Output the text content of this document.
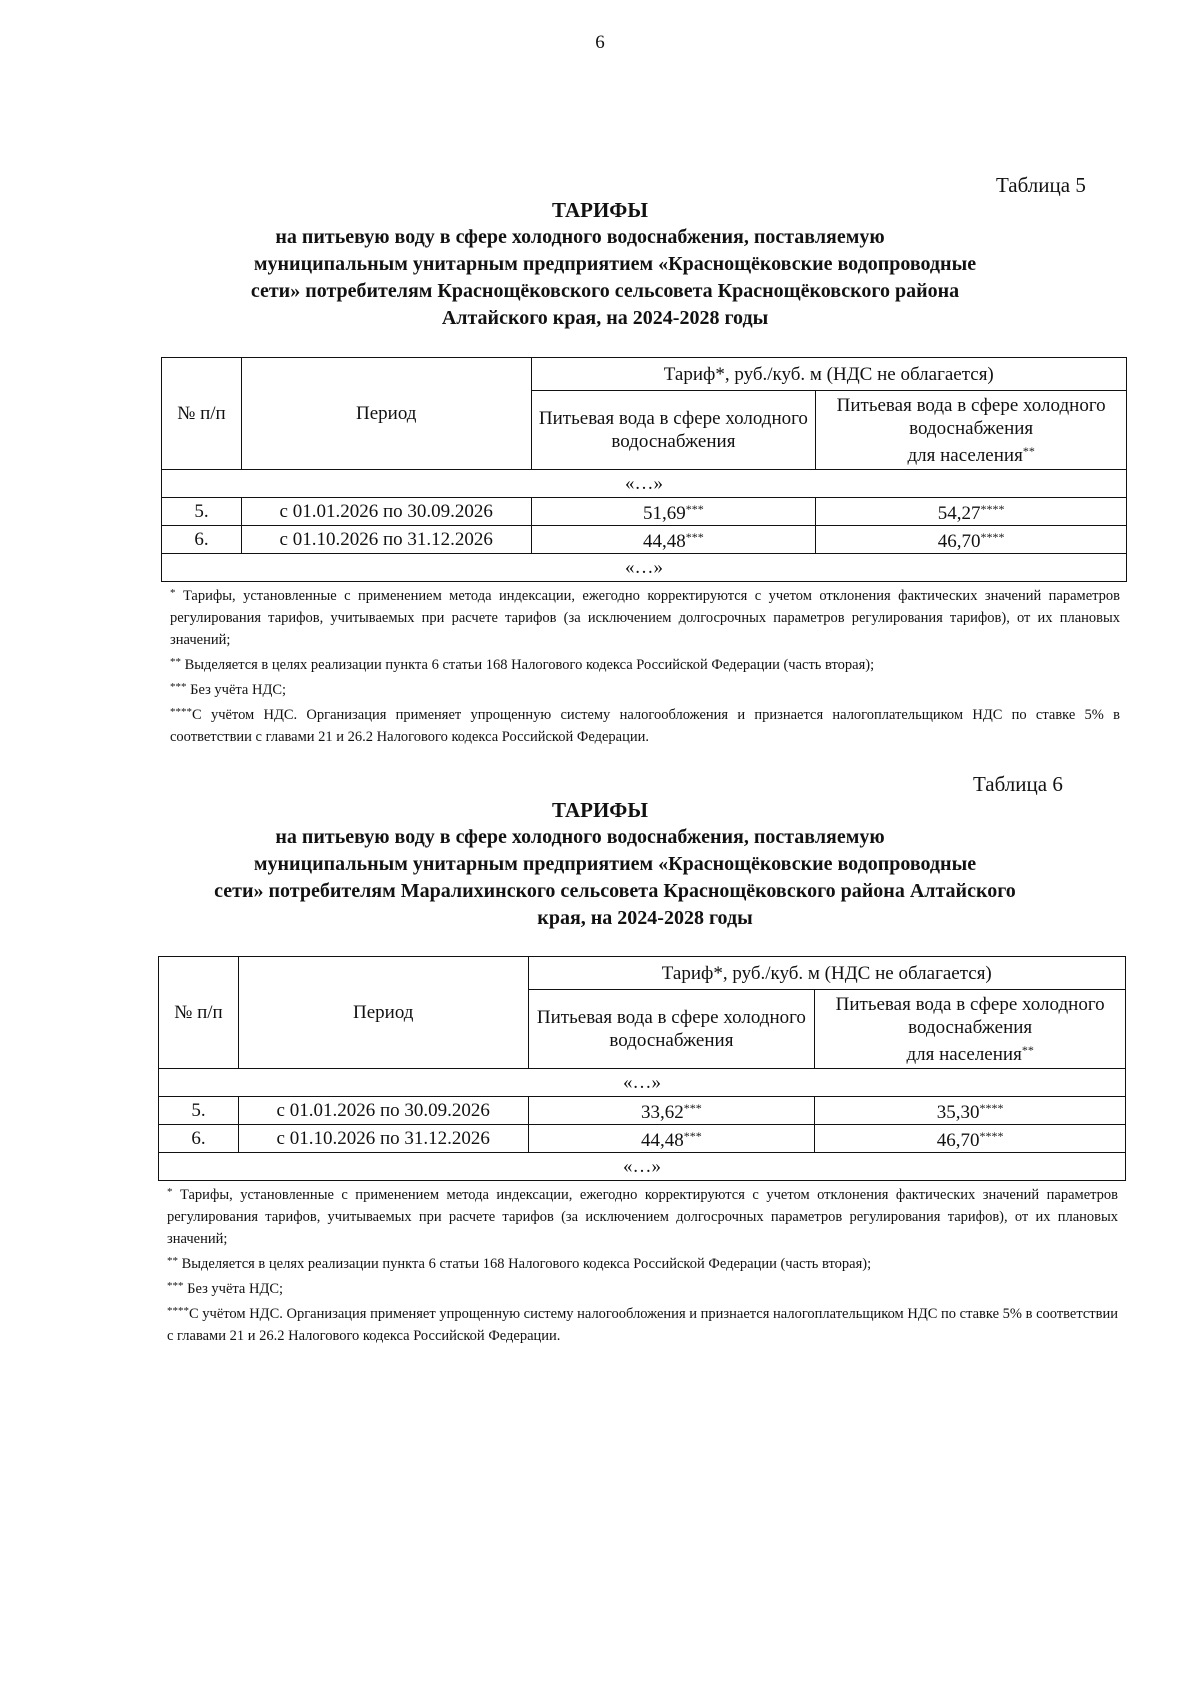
6
Таблица 5
ТАРИФЫ
на питьевую воду в сфере холодного водоснабжения, поставляемую
муниципальным унитарным предприятием «Краснощёковские водопроводные
сети» потребителям Краснощёковского сельсовета Краснощёковского района
Алтайского края, на 2024-2028 годы
№ п/п	Период	Тариф*, руб./куб. м (НДС не облагается)	
		Питьевая вода в сфере холодного водоснабжения	Питьевая вода в сфере холодного водоснабжения
для населения**
«…»			
5.	с 01.01.2026 по 30.09.2026	51,69***	54,27****
6.	с 01.10.2026 по 31.12.2026	44,48***	46,70****
«…»			

* Тарифы, установленные с применением метода индексации, ежегодно корректируются с учетом отклонения фактических значений параметров регулирования тарифов, учитываемых при расчете тарифов (за исключением долгосрочных параметров регулирования тарифов), от их плановых значений;

** Выделяется в целях реализации пункта 6 статьи 168 Налогового кодекса Российской Федерации (часть вторая);

*** Без учёта НДС;

****С учётом НДС. Организация применяет упрощенную систему налогообложения и признается налогоплательщиком НДС по ставке 5% в соответствии с главами 21 и 26.2 Налогового кодекса Российской Федерации.

Таблица 6
ТАРИФЫ
на питьевую воду в сфере холодного водоснабжения, поставляемую
муниципальным унитарным предприятием «Краснощёковские водопроводные
сети» потребителям Маралихинского сельсовета Краснощёковского района Алтайского
края, на 2024-2028 годы
№ п/п	Период	Тариф*, руб./куб. м (НДС не облагается)	
		Питьевая вода в сфере холодного водоснабжения	Питьевая вода в сфере холодного водоснабжения
для населения**
«…»			
5.	с 01.01.2026 по 30.09.2026	33,62***	35,30****
6.	с 01.10.2026 по 31.12.2026	44,48***	46,70****
«…»			

* Тарифы, установленные с применением метода индексации, ежегодно корректируются с учетом отклонения фактических значений параметров регулирования тарифов, учитываемых при расчете тарифов (за исключением долгосрочных параметров регулирования тарифов), от их плановых значений;

** Выделяется в целях реализации пункта 6 статьи 168 Налогового кодекса Российской Федерации (часть вторая);

*** Без учёта НДС;

****С учётом НДС. Организация применяет упрощенную систему налогообложения и признается налогоплательщиком НДС по ставке 5% в соответствии с главами 21 и 26.2 Налогового кодекса Российской Федерации.
